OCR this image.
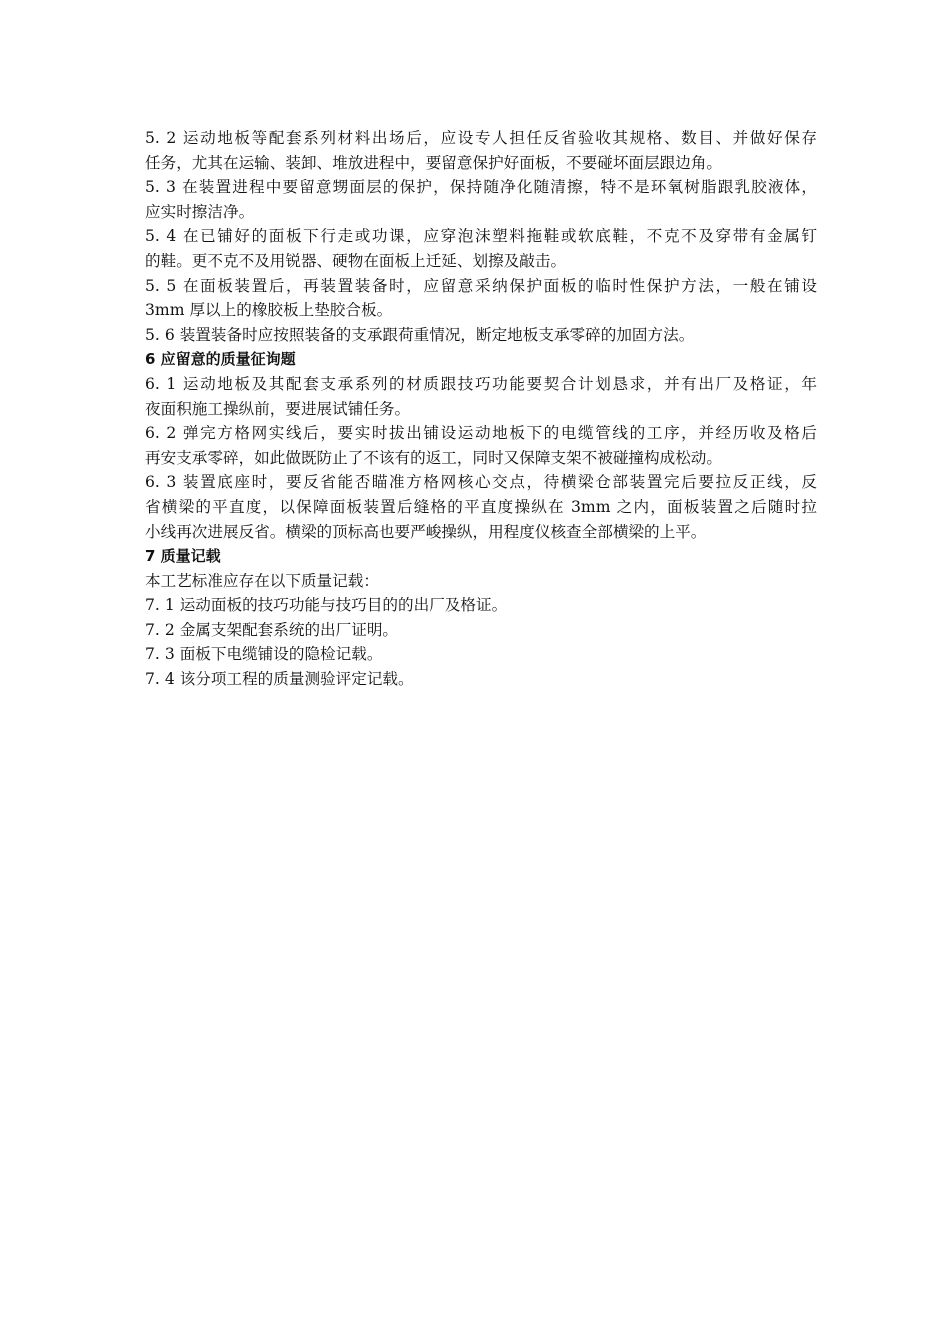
5. 2 运动地板等配套系列材料出场后，应设专人担任反省验收其规格、数目、并做好保存
任务，尤其在运输、装卸、堆放进程中，要留意保护好面板，不要碰坏面层跟边角。
5. 3 在装置进程中要留意甥面层的保护，保持随净化随清擦，特不是环氧树脂跟乳胶液体，
应实时擦洁净。
5. 4 在已铺好的面板下行走或功课，应穿泡沫塑料拖鞋或软底鞋，不克不及穿带有金属钉
的鞋。更不克不及用锐器、硬物在面板上迁延、划擦及敲击。
5. 5 在面板装置后，再装置装备时，应留意采纳保护面板的临时性保护方法，一般在铺设
3mm 厚以上的橡胶板上垫胶合板。
5. 6 装置装备时应按照装备的支承跟荷重情况，断定地板支承零碎的加固方法。
6 应留意的质量征询题
6. 1 运动地板及其配套支承系列的材质跟技巧功能要契合计划恳求，并有出厂及格证，年
夜面积施工操纵前，要进展试铺任务。
6. 2 弹完方格网实线后，要实时拔出铺设运动地板下的电缆管线的工序，并经历收及格后
再安支承零碎，如此做既防止了不该有的返工，同时又保障支架不被碰撞构成松动。
6. 3 装置底座时，要反省能否瞄准方格网核心交点，待横梁仓部装置完后要拉反正线，反
省横梁的平直度，以保障面板装置后缝格的平直度操纵在 3mm 之内，面板装置之后随时拉
小线再次进展反省。横梁的顶标高也要严峻操纵，用程度仪核查全部横梁的上平。
7 质量记载
本工艺标准应存在以下质量记载：
7. 1 运动面板的技巧功能与技巧目的的出厂及格证。
7. 2 金属支架配套系统的出厂证明。
7. 3 面板下电缆铺设的隐检记载。
7. 4 该分项工程的质量测验评定记载。
